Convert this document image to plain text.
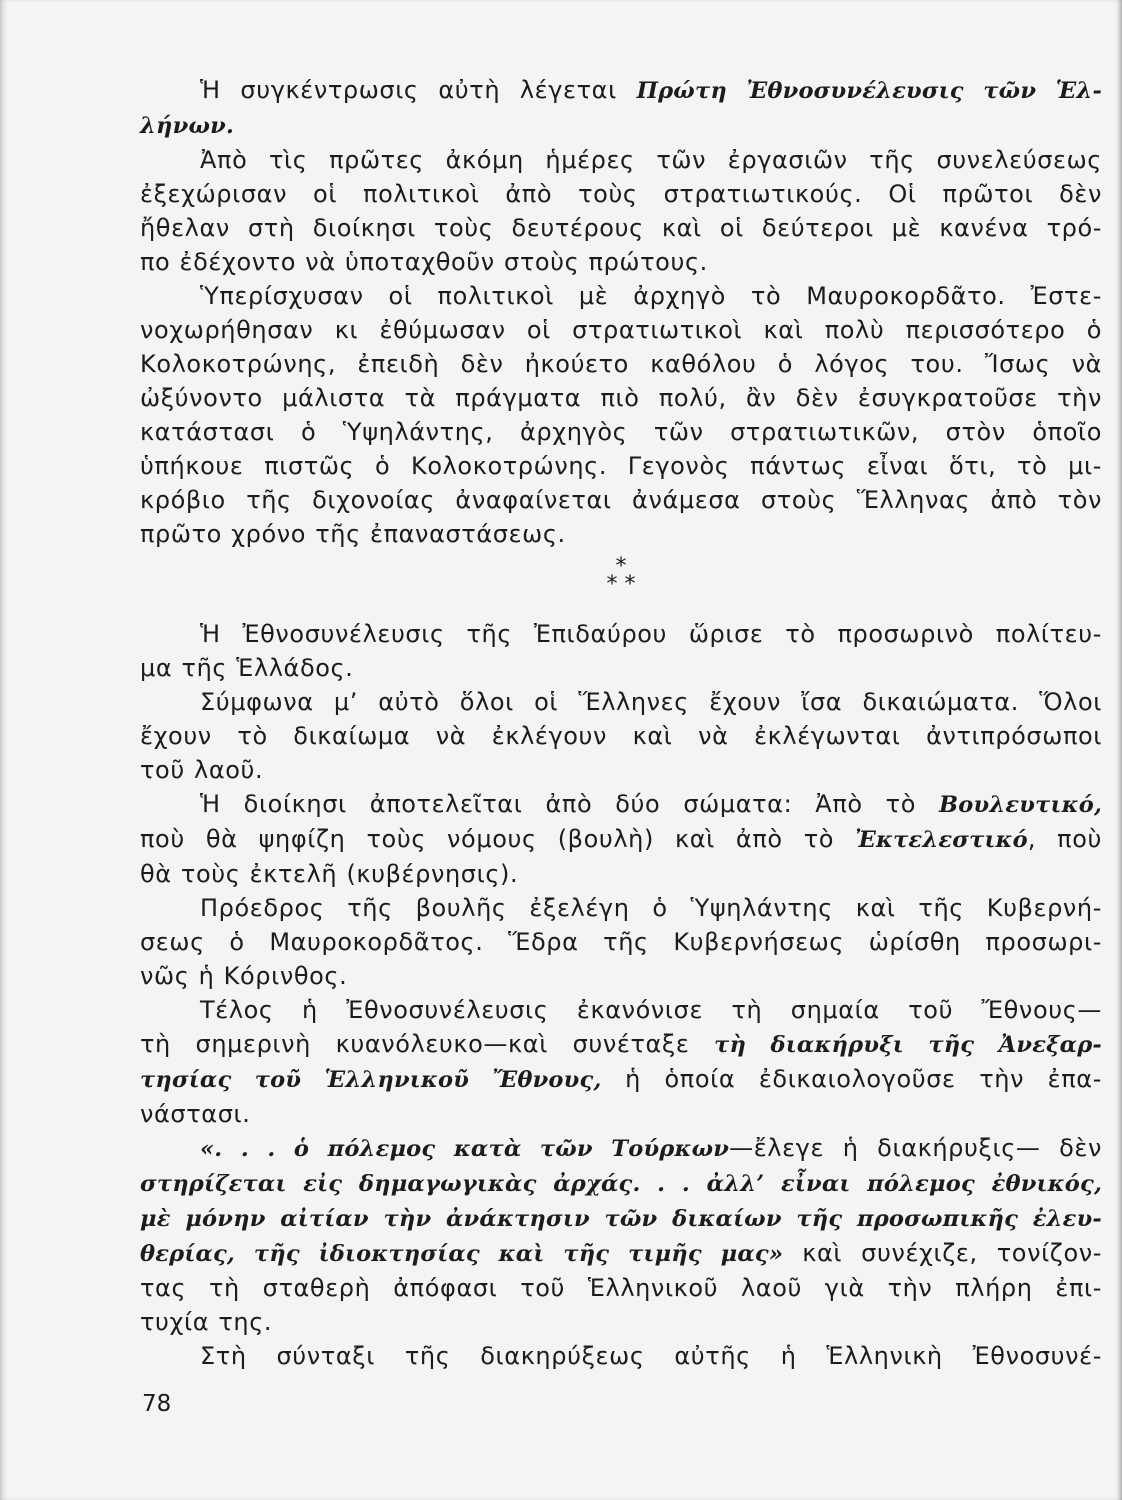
Ἡ συγκέντρωσις αὐτὴ λέγεται Πρώτη Ἐθνοσυνέλευσις τῶν Ἑλ-
λήνων.
Ἀπὸ τὶς πρῶτες ἀκόμη ἡμέρες τῶν ἐργασιῶν τῆς συνελεύσεως
ἐξεχώρισαν οἱ πολιτικοὶ ἀπὸ τοὺς στρατιωτικούς. Οἱ πρῶτοι δὲν
ἤθελαν στὴ διοίκησι τοὺς δευτέρους καὶ οἱ δεύτεροι μὲ κανένα τρό-
πο ἐδέχοντο νὰ ὑποταχθοῦν στοὺς πρώτους.
Ὑπερίσχυσαν οἱ πολιτικοὶ μὲ ἀρχηγὸ τὸ Μαυροκορδᾶτο. Ἐστε-
νοχωρήθησαν κι ἐθύμωσαν οἱ στρατιωτικοὶ καὶ πολὺ περισσότερο ὁ
Κολοκοτρώνης, ἐπειδὴ δὲν ἠκούετο καθόλου ὁ λόγος του. Ἴσως νὰ
ὠξύνοντο μάλιστα τὰ πράγματα πιὸ πολύ, ἂν δὲν ἐσυγκρατοῦσε τὴν
κατάστασι ὁ Ὑψηλάντης, ἀρχηγὸς τῶν στρατιωτικῶν, στὸν ὁποῖο
ὑπήκουε πιστῶς ὁ Κολοκοτρώνης. Γεγονὸς πάντως εἶναι ὅτι, τὸ μι-
κρόβιο τῆς διχονοίας ἀναφαίνεται ἀνάμεσα στοὺς Ἕλληνας ἀπὸ τὸν
πρῶτο χρόνο τῆς ἐπαναστάσεως.
*
* *
Ἡ Ἐθνοσυνέλευσις τῆς Ἐπιδαύρου ὥρισε τὸ προσωρινὸ πολίτευ-
μα τῆς Ἑλλάδος.
Σύμφωνα μ’ αὐτὸ ὅλοι οἱ Ἕλληνες ἔχουν ἴσα δικαιώματα. Ὅλοι
ἔχουν τὸ δικαίωμα νὰ ἐκλέγουν καὶ νὰ ἐκλέγωνται ἀντιπρόσωποι
τοῦ λαοῦ.
Ἡ διοίκησι ἀποτελεῖται ἀπὸ δύο σώματα: Ἀπὸ τὸ Βουλευτικό,
ποὺ θὰ ψηφίζη τοὺς νόμους (βουλὴ) καὶ ἀπὸ τὸ Ἐκτελεστικό, ποὺ
θὰ τοὺς ἐκτελῆ (κυβέρνησις).
Πρόεδρος τῆς βουλῆς ἐξελέγη ὁ Ὑψηλάντης καὶ τῆς Κυβερνή-
σεως ὁ Μαυροκορδᾶτος. Ἕδρα τῆς Κυβερνήσεως ὡρίσθη προσωρι-
νῶς ἡ Κόρινθος.
Τέλος ἡ Ἐθνοσυνέλευσις ἐκανόνισε τὴ σημαία τοῦ Ἔθνους—
τὴ σημερινὴ κυανόλευκο—καὶ συνέταξε τὴ διακήρυξι τῆς Ἀνεξαρ-
τησίας τοῦ Ἑλληνικοῦ Ἔθνους, ἡ ὁποία ἐδικαιολογοῦσε τὴν ἐπα-
νάστασι.
«. . . ὁ πόλεμος κατὰ τῶν Τούρκων—ἔλεγε ἡ διακήρυξις— δὲν
στηρίζεται εἰς δημαγωγικὰς ἀρχάς. . . ἀλλ’ εἶναι πόλεμος ἐθνικός,
μὲ μόνην αἰτίαν τὴν ἀνάκτησιν τῶν δικαίων τῆς προσωπικῆς ἐλευ-
θερίας, τῆς ἰδιοκτησίας καὶ τῆς τιμῆς μας» καὶ συνέχιζε, τονίζον-
τας τὴ σταθερὴ ἀπόφασι τοῦ Ἑλληνικοῦ λαοῦ γιὰ τὴν πλήρη ἐπι-
τυχία της.
Στὴ σύνταξι τῆς διακηρύξεως αὐτῆς ἡ Ἑλληνικὴ Ἐθνοσυνέ-
78
